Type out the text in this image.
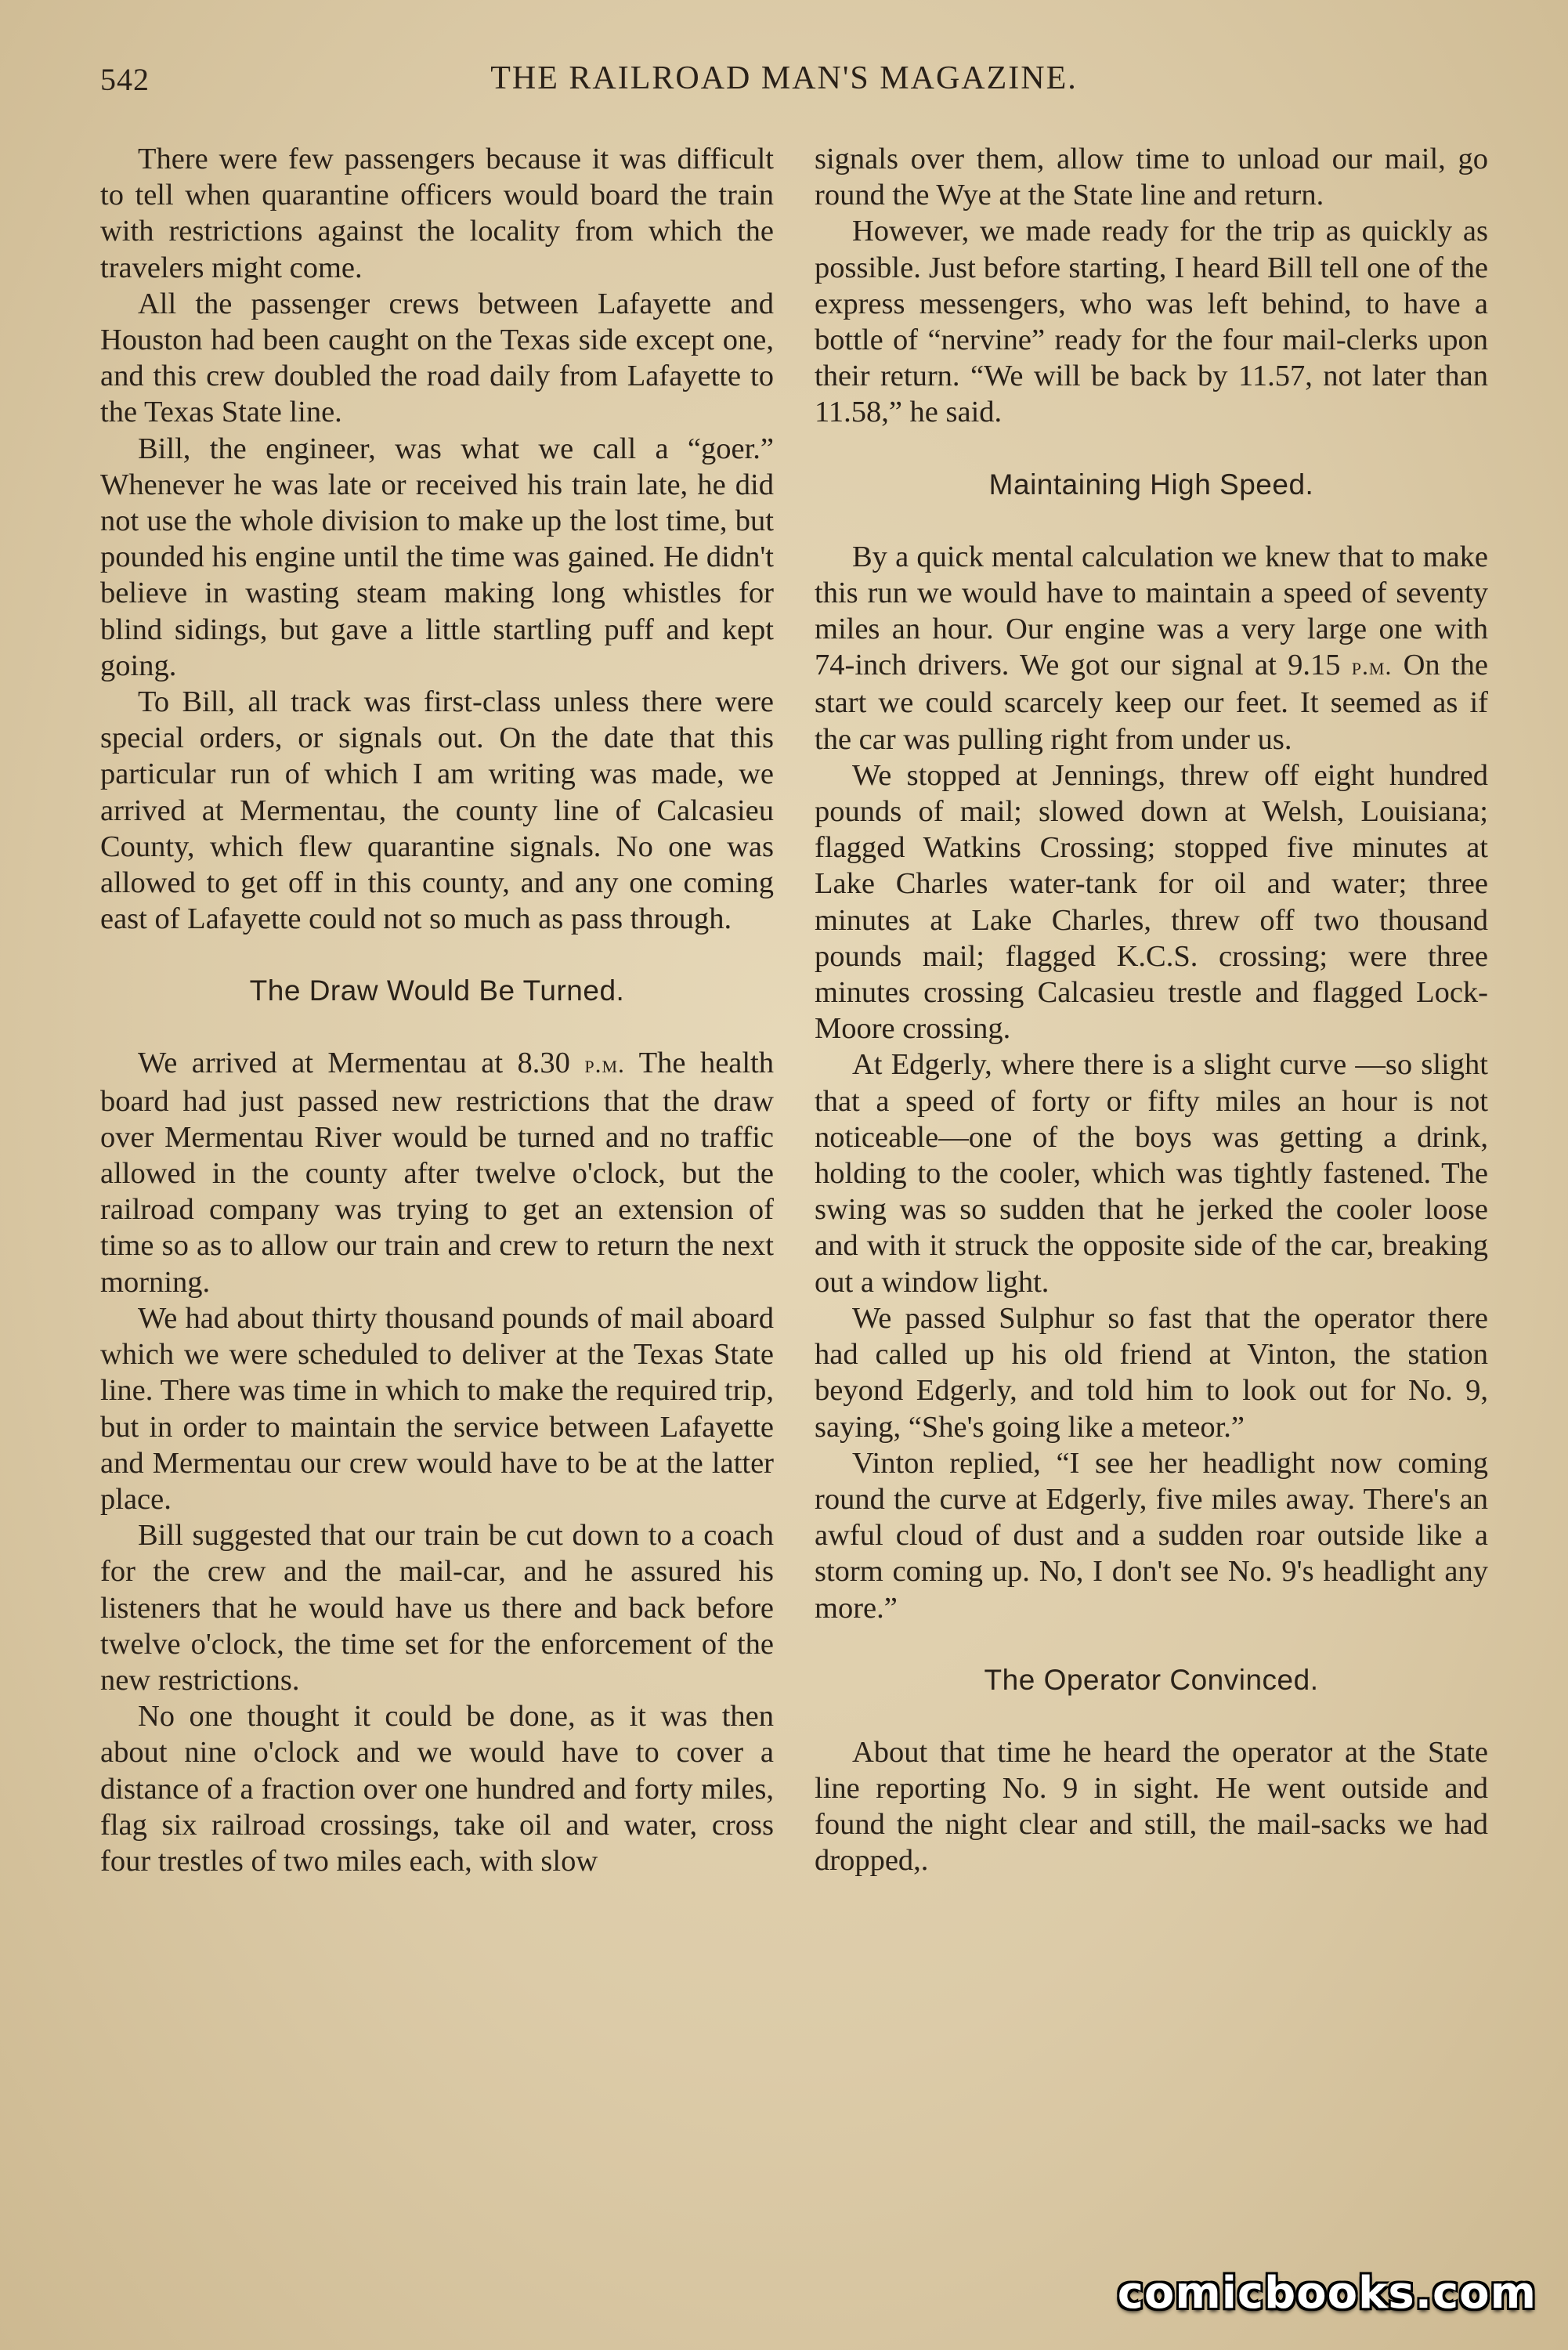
542	THE RAILROAD MAN'S MAGAZINE.

There were few passengers because it was difficult to tell when quarantine officers would board the train with restrictions against the locality from which the travelers might come.

All the passenger crews between Lafayette and Houston had been caught on the Texas side except one, and this crew doubled the road daily from Lafayette to the Texas State line.

Bill, the engineer, was what we call a “goer.” Whenever he was late or received his train late, he did not use the whole division to make up the lost time, but pounded his engine until the time was gained. He didn't believe in wasting steam making long whistles for blind sidings, but gave a little startling puff and kept going.

To Bill, all track was first-class unless there were special orders, or signals out. On the date that this particular run of which I am writing was made, we arrived at Mermentau, the county line of Calcasieu County, which flew quarantine signals. No one was allowed to get off in this county, and any one coming east of Lafayette could not so much as pass through.

The Draw Would Be Turned.

We arrived at Mermentau at 8.30 p.m. The health board had just passed new restrictions that the draw over Mermentau River would be turned and no traffic allowed in the county after twelve o'clock, but the railroad company was trying to get an extension of time so as to allow our train and crew to return the next morning.

We had about thirty thousand pounds of mail aboard which we were scheduled to deliver at the Texas State line. There was time in which to make the required trip, but in order to maintain the service between Lafayette and Mermentau our crew would have to be at the latter place.

Bill suggested that our train be cut down to a coach for the crew and the mail-car, and he assured his listeners that he would have us there and back before twelve o'clock, the time set for the enforcement of the new restrictions.

No one thought it could be done, as it was then about nine o'clock and we would have to cover a distance of a fraction over one hundred and forty miles, flag six railroad crossings, take oil and water, cross four trestles of two miles each, with slow

signals over them, allow time to unload our mail, go round the Wye at the State line and return.

However, we made ready for the trip as quickly as possible. Just before starting, I heard Bill tell one of the express messengers, who was left behind, to have a bottle of “nervine” ready for the four mail-clerks upon their return. “We will be back by 11.57, not later than 11.58,” he said.

Maintaining High Speed.

By a quick mental calculation we knew that to make this run we would have to maintain a speed of seventy miles an hour. Our engine was a very large one with 74-inch drivers. We got our signal at 9.15 p.m. On the start we could scarcely keep our feet. It seemed as if the car was pulling right from under us.

We stopped at Jennings, threw off eight hundred pounds of mail; slowed down at Welsh, Louisiana; flagged Watkins Crossing; stopped five minutes at Lake Charles water-tank for oil and water; three minutes at Lake Charles, threw off two thousand pounds mail; flagged K.C.S. crossing; were three minutes crossing Calcasieu trestle and flagged Lock-Moore crossing.

At Edgerly, where there is a slight curve —so slight that a speed of forty or fifty miles an hour is not noticeable—one of the boys was getting a drink, holding to the cooler, which was tightly fastened. The swing was so sudden that he jerked the cooler loose and with it struck the opposite side of the car, breaking out a window light.

We passed Sulphur so fast that the operator there had called up his old friend at Vinton, the station beyond Edgerly, and told him to look out for No. 9, saying, “She's going like a meteor.”

Vinton replied, “I see her headlight now coming round the curve at Edgerly, five miles away. There's an awful cloud of dust and a sudden roar outside like a storm coming up. No, I don't see No. 9's headlight any more.”

The Operator Convinced.

About that time he heard the operator at the State line reporting No. 9 in sight. He went outside and found the night clear and still, the mail-sacks we had dropped,.

comicbooks.com
